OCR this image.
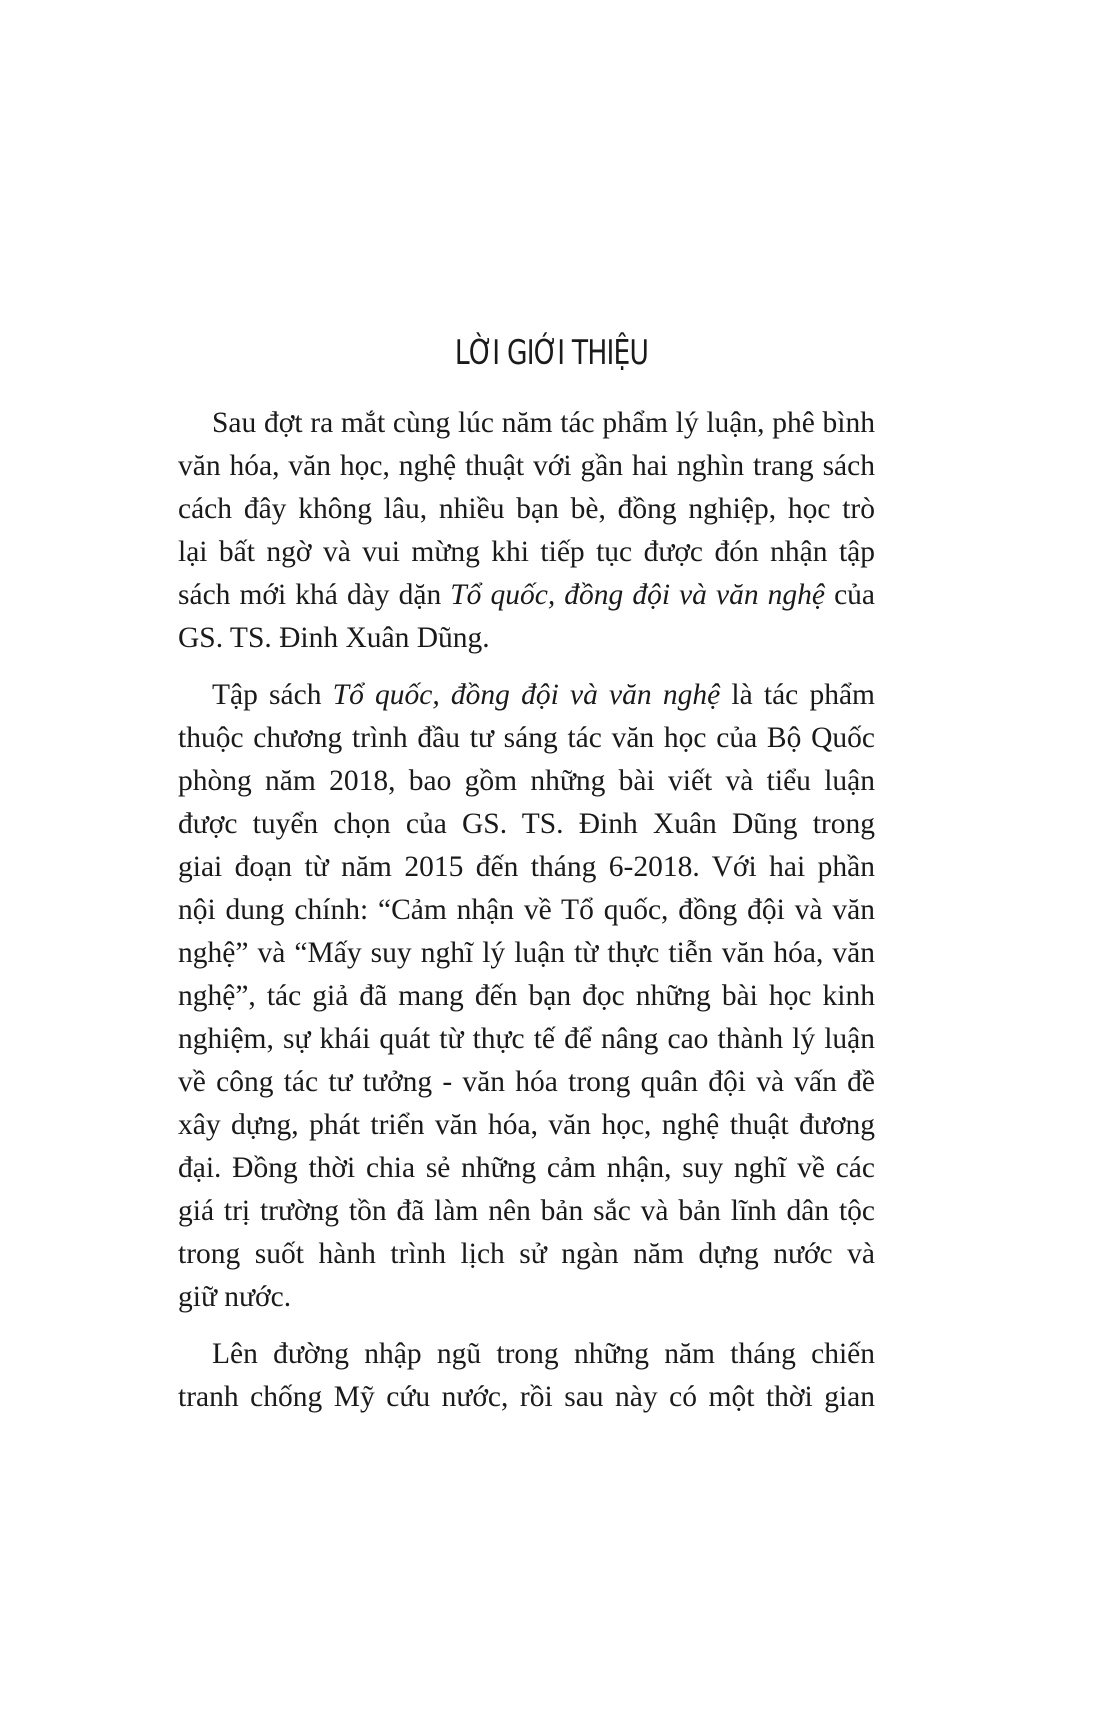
LỜI GIỚI THIỆU

Sau đợt ra mắt cùng lúc năm tác phẩm lý luận, phê bình
văn hóa, văn học, nghệ thuật với gần hai nghìn trang sách
cách đây không lâu, nhiều bạn bè, đồng nghiệp, học trò
lại bất ngờ và vui mừng khi tiếp tục được đón nhận tập
sách mới khá dày dặn Tổ quốc, đồng đội và văn nghệ của
GS. TS. Đinh Xuân Dũng.

Tập sách Tổ quốc, đồng đội và văn nghệ là tác phẩm
thuộc chương trình đầu tư sáng tác văn học của Bộ Quốc
phòng năm 2018, bao gồm những bài viết và tiểu luận
được tuyển chọn của GS. TS. Đinh Xuân Dũng trong
giai đoạn từ năm 2015 đến tháng 6-2018. Với hai phần
nội dung chính: “Cảm nhận về Tổ quốc, đồng đội và văn
nghệ” và “Mấy suy nghĩ lý luận từ thực tiễn văn hóa, văn
nghệ”, tác giả đã mang đến bạn đọc những bài học kinh
nghiệm, sự khái quát từ thực tế để nâng cao thành lý luận
về công tác tư tưởng - văn hóa trong quân đội và vấn đề
xây dựng, phát triển văn hóa, văn học, nghệ thuật đương
đại. Đồng thời chia sẻ những cảm nhận, suy nghĩ về các
giá trị trường tồn đã làm nên bản sắc và bản lĩnh dân tộc
trong suốt hành trình lịch sử ngàn năm dựng nước và
giữ nước.

Lên đường nhập ngũ trong những năm tháng chiến
tranh chống Mỹ cứu nước, rồi sau này có một thời gian
